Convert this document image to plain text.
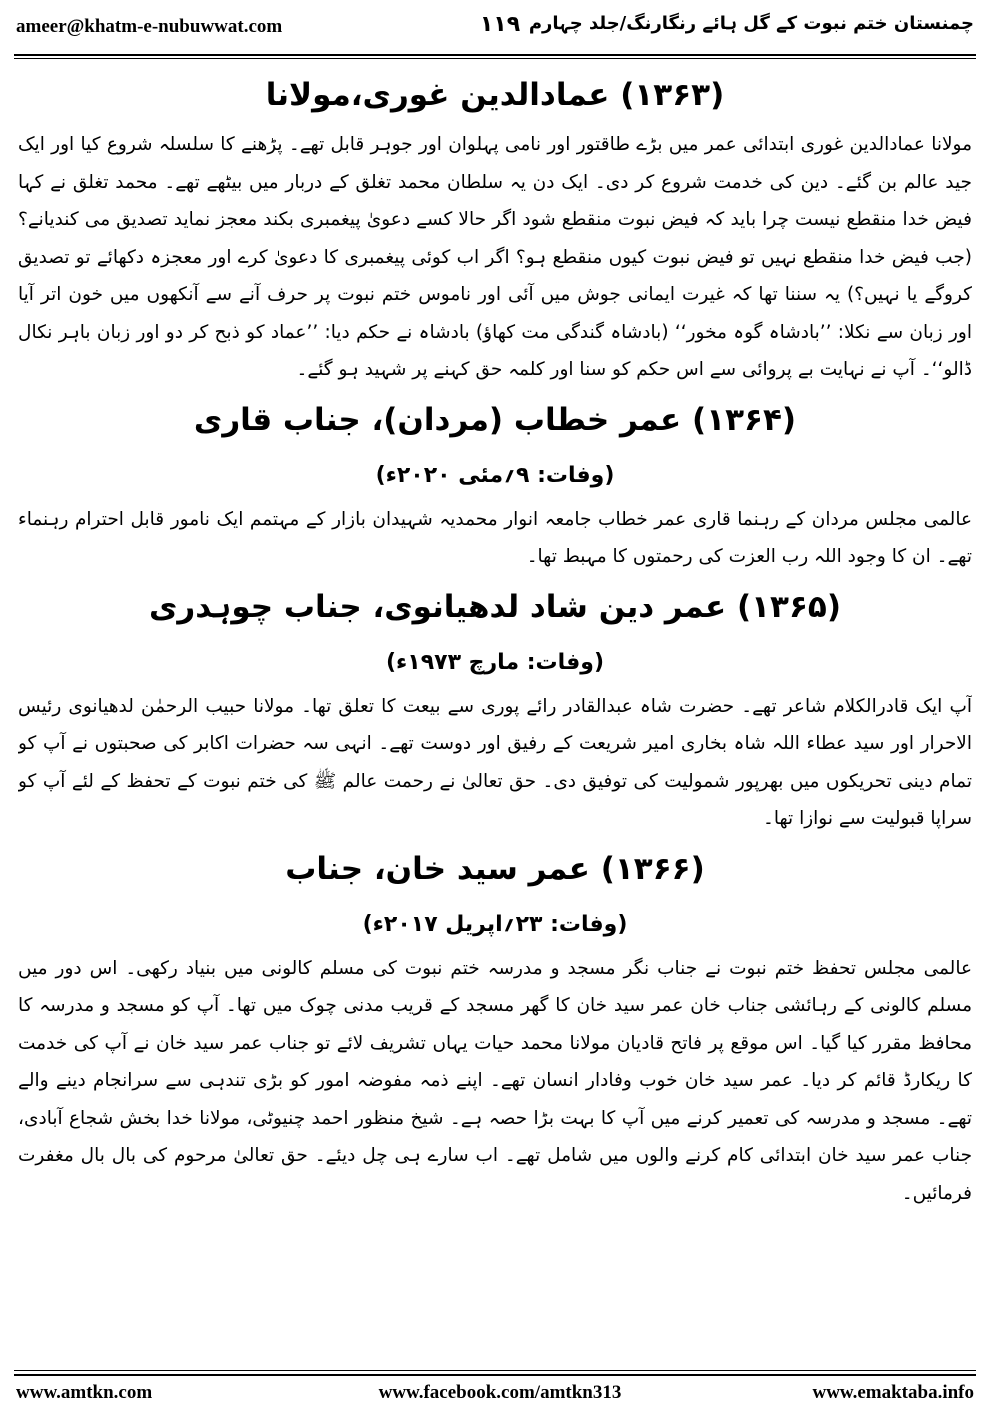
ameer@khatm-e-nubuwwat.com	۱۱۹ چمنستان ختم نبوت کے گل ہائے رنگارنگ/جلد چہارم
(۱۳۶۳) عمادالدین غوری،مولانا

مولانا عمادالدین غوری ابتدائی عمر میں بڑے طاقتور اور نامی پہلوان اور جوہر قابل تھے۔ پڑھنے کا سلسلہ شروع کیا اور ایک جید عالم بن گئے۔ دین کی خدمت شروع کر دی۔ ایک دن یہ سلطان محمد تغلق کے دربار میں بیٹھے تھے۔ محمد تغلق نے کہا فیض خدا منقطع نیست چرا باید کہ فیض نبوت منقطع شود اگر حالا کسے دعویٰ پیغمبری بکند معجز نماید تصدیق می کندیانے؟ (جب فیض خدا منقطع نہیں تو فیض نبوت کیوں منقطع ہو؟ اگر اب کوئی پیغمبری کا دعویٰ کرے اور معجزہ دکھائے تو تصدیق کروگے یا نہیں؟) یہ سننا تھا کہ غیرت ایمانی جوش میں آئی اور ناموس ختم نبوت پر حرف آنے سے آنکھوں میں خون اتر آیا اور زبان سے نکلا: ’’بادشاہ گوہ مخور‘‘ (بادشاہ گندگی مت کھاؤ) بادشاہ نے حکم دیا: ’’عماد کو ذبح کر دو اور زبان باہر نکال ڈالو‘‘۔ آپ نے نہایت بے پروائی سے اس حکم کو سنا اور کلمہ حق کہنے پر شہید ہو گئے۔

(۱۳۶۴) عمر خطاب (مردان)، جناب قاری

(وفات: ۹؍مئی ۲۰۲۰ء)

عالمی مجلس مردان کے رہنما قاری عمر خطاب جامعہ انوار محمدیہ شہیدان بازار کے مہتمم ایک نامور قابل احترام رہنماء تھے۔ ان کا وجود اللہ رب العزت کی رحمتوں کا مہبط تھا۔

(۱۳۶۵) عمر دین شاد لدھیانوی، جناب چوہدری

(وفات: مارچ ۱۹۷۳ء)

آپ ایک قادرالکلام شاعر تھے۔ حضرت شاہ عبدالقادر رائے پوری سے بیعت کا تعلق تھا۔ مولانا حبیب الرحمٰن لدھیانوی رئیس الاحرار اور سید عطاء اللہ شاہ بخاری امیر شریعت کے رفیق اور دوست تھے۔ انہی سہ حضرات اکابر کی صحبتوں نے آپ کو تمام دینی تحریکوں میں بھرپور شمولیت کی توفیق دی۔ حق تعالیٰ نے رحمت عالم ﷺ کی ختم نبوت کے تحفظ کے لئے آپ کو سراپا قبولیت سے نوازا تھا۔

(۱۳۶۶) عمر سید خان، جناب

(وفات: ۲۳؍اپریل ۲۰۱۷ء)

عالمی مجلس تحفظ ختم نبوت نے جناب نگر مسجد و مدرسہ ختم نبوت کی مسلم کالونی میں بنیاد رکھی۔ اس دور میں مسلم کالونی کے رہائشی جناب خان عمر سید خان کا گھر مسجد کے قریب مدنی چوک میں تھا۔ آپ کو مسجد و مدرسہ کا محافظ مقرر کیا گیا۔ اس موقع پر فاتح قادیان مولانا محمد حیات یہاں تشریف لائے تو جناب عمر سید خان نے آپ کی خدمت کا ریکارڈ قائم کر دیا۔ عمر سید خان خوب وفادار انسان تھے۔ اپنے ذمہ مفوضہ امور کو بڑی تندہی سے سرانجام دینے والے تھے۔ مسجد و مدرسہ کی تعمیر کرنے میں آپ کا بہت بڑا حصہ ہے۔ شیخ منظور احمد چنیوٹی، مولانا خدا بخش شجاع آبادی، جناب عمر سید خان ابتدائی کام کرنے والوں میں شامل تھے۔ اب سارے ہی چل دیئے۔ حق تعالیٰ مرحوم کی بال بال مغفرت فرمائیں۔

www.amtkn.com	www.facebook.com/amtkn313	www.emaktaba.info
